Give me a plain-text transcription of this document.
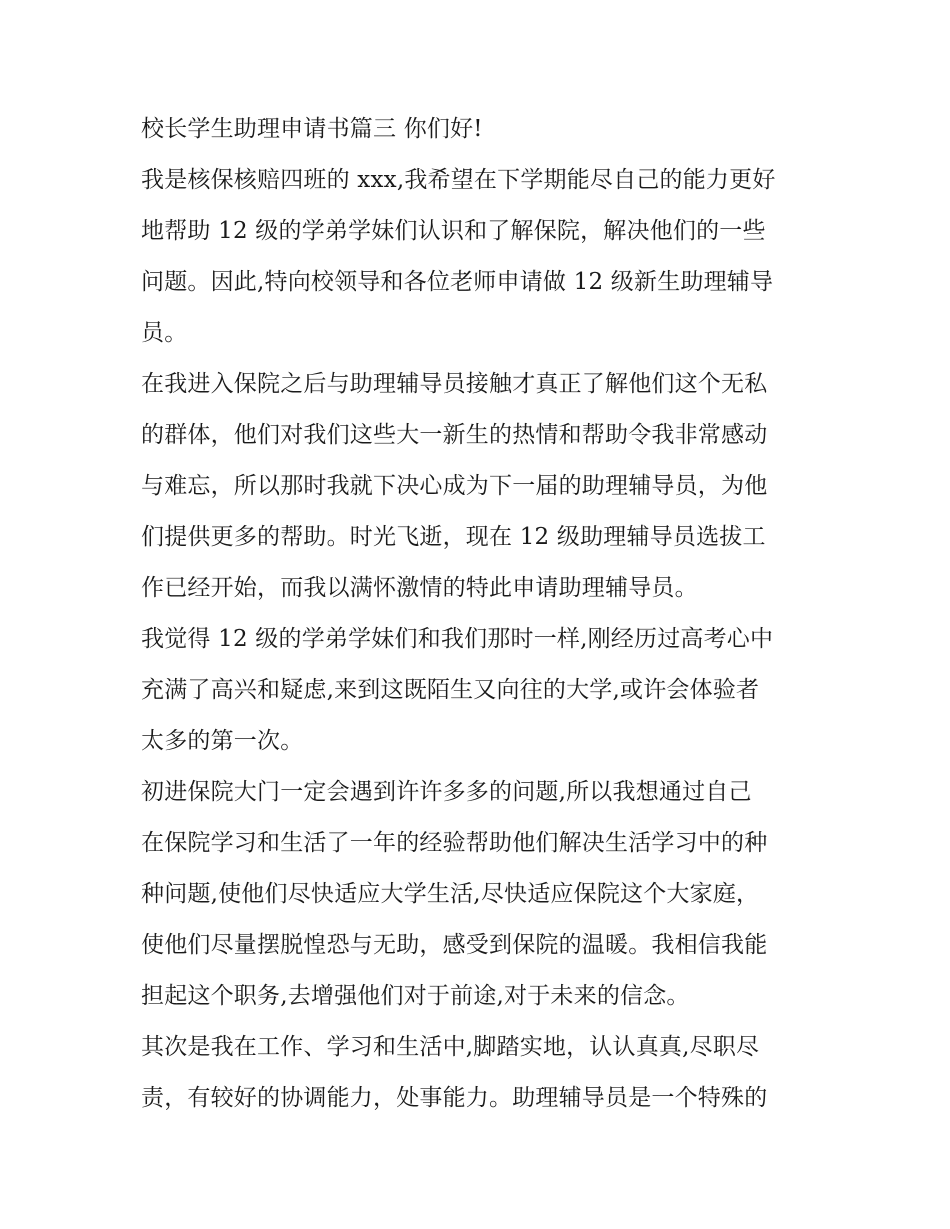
校长学生助理申请书篇三 你们好!
我是核保核赔四班的 xxx,我希望在下学期能尽自己的能力更好
地帮助 12 级的学弟学妹们认识和了解保院，解决他们的一些
问题。因此,特向校领导和各位老师申请做 12 级新生助理辅导
员。
在我进入保院之后与助理辅导员接触才真正了解他们这个无私
的群体，他们对我们这些大一新生的热情和帮助令我非常感动
与难忘，所以那时我就下决心成为下一届的助理辅导员，为他
们提供更多的帮助。时光飞逝，现在 12 级助理辅导员选拔工
作已经开始，而我以满怀激情的特此申请助理辅导员。
我觉得 12 级的学弟学妹们和我们那时一样,刚经历过高考心中
充满了高兴和疑虑,来到这既陌生又向往的大学,或许会体验者
太多的第一次。
初进保院大门一定会遇到许许多多的问题,所以我想通过自己
在保院学习和生活了一年的经验帮助他们解决生活学习中的种
种问题,使他们尽快适应大学生活,尽快适应保院这个大家庭，
使他们尽量摆脱惶恐与无助，感受到保院的温暖。我相信我能
担起这个职务,去增强他们对于前途,对于未来的信念。
其次是我在工作、学习和生活中,脚踏实地，认认真真,尽职尽
责，有较好的协调能力，处事能力。助理辅导员是一个特殊的
